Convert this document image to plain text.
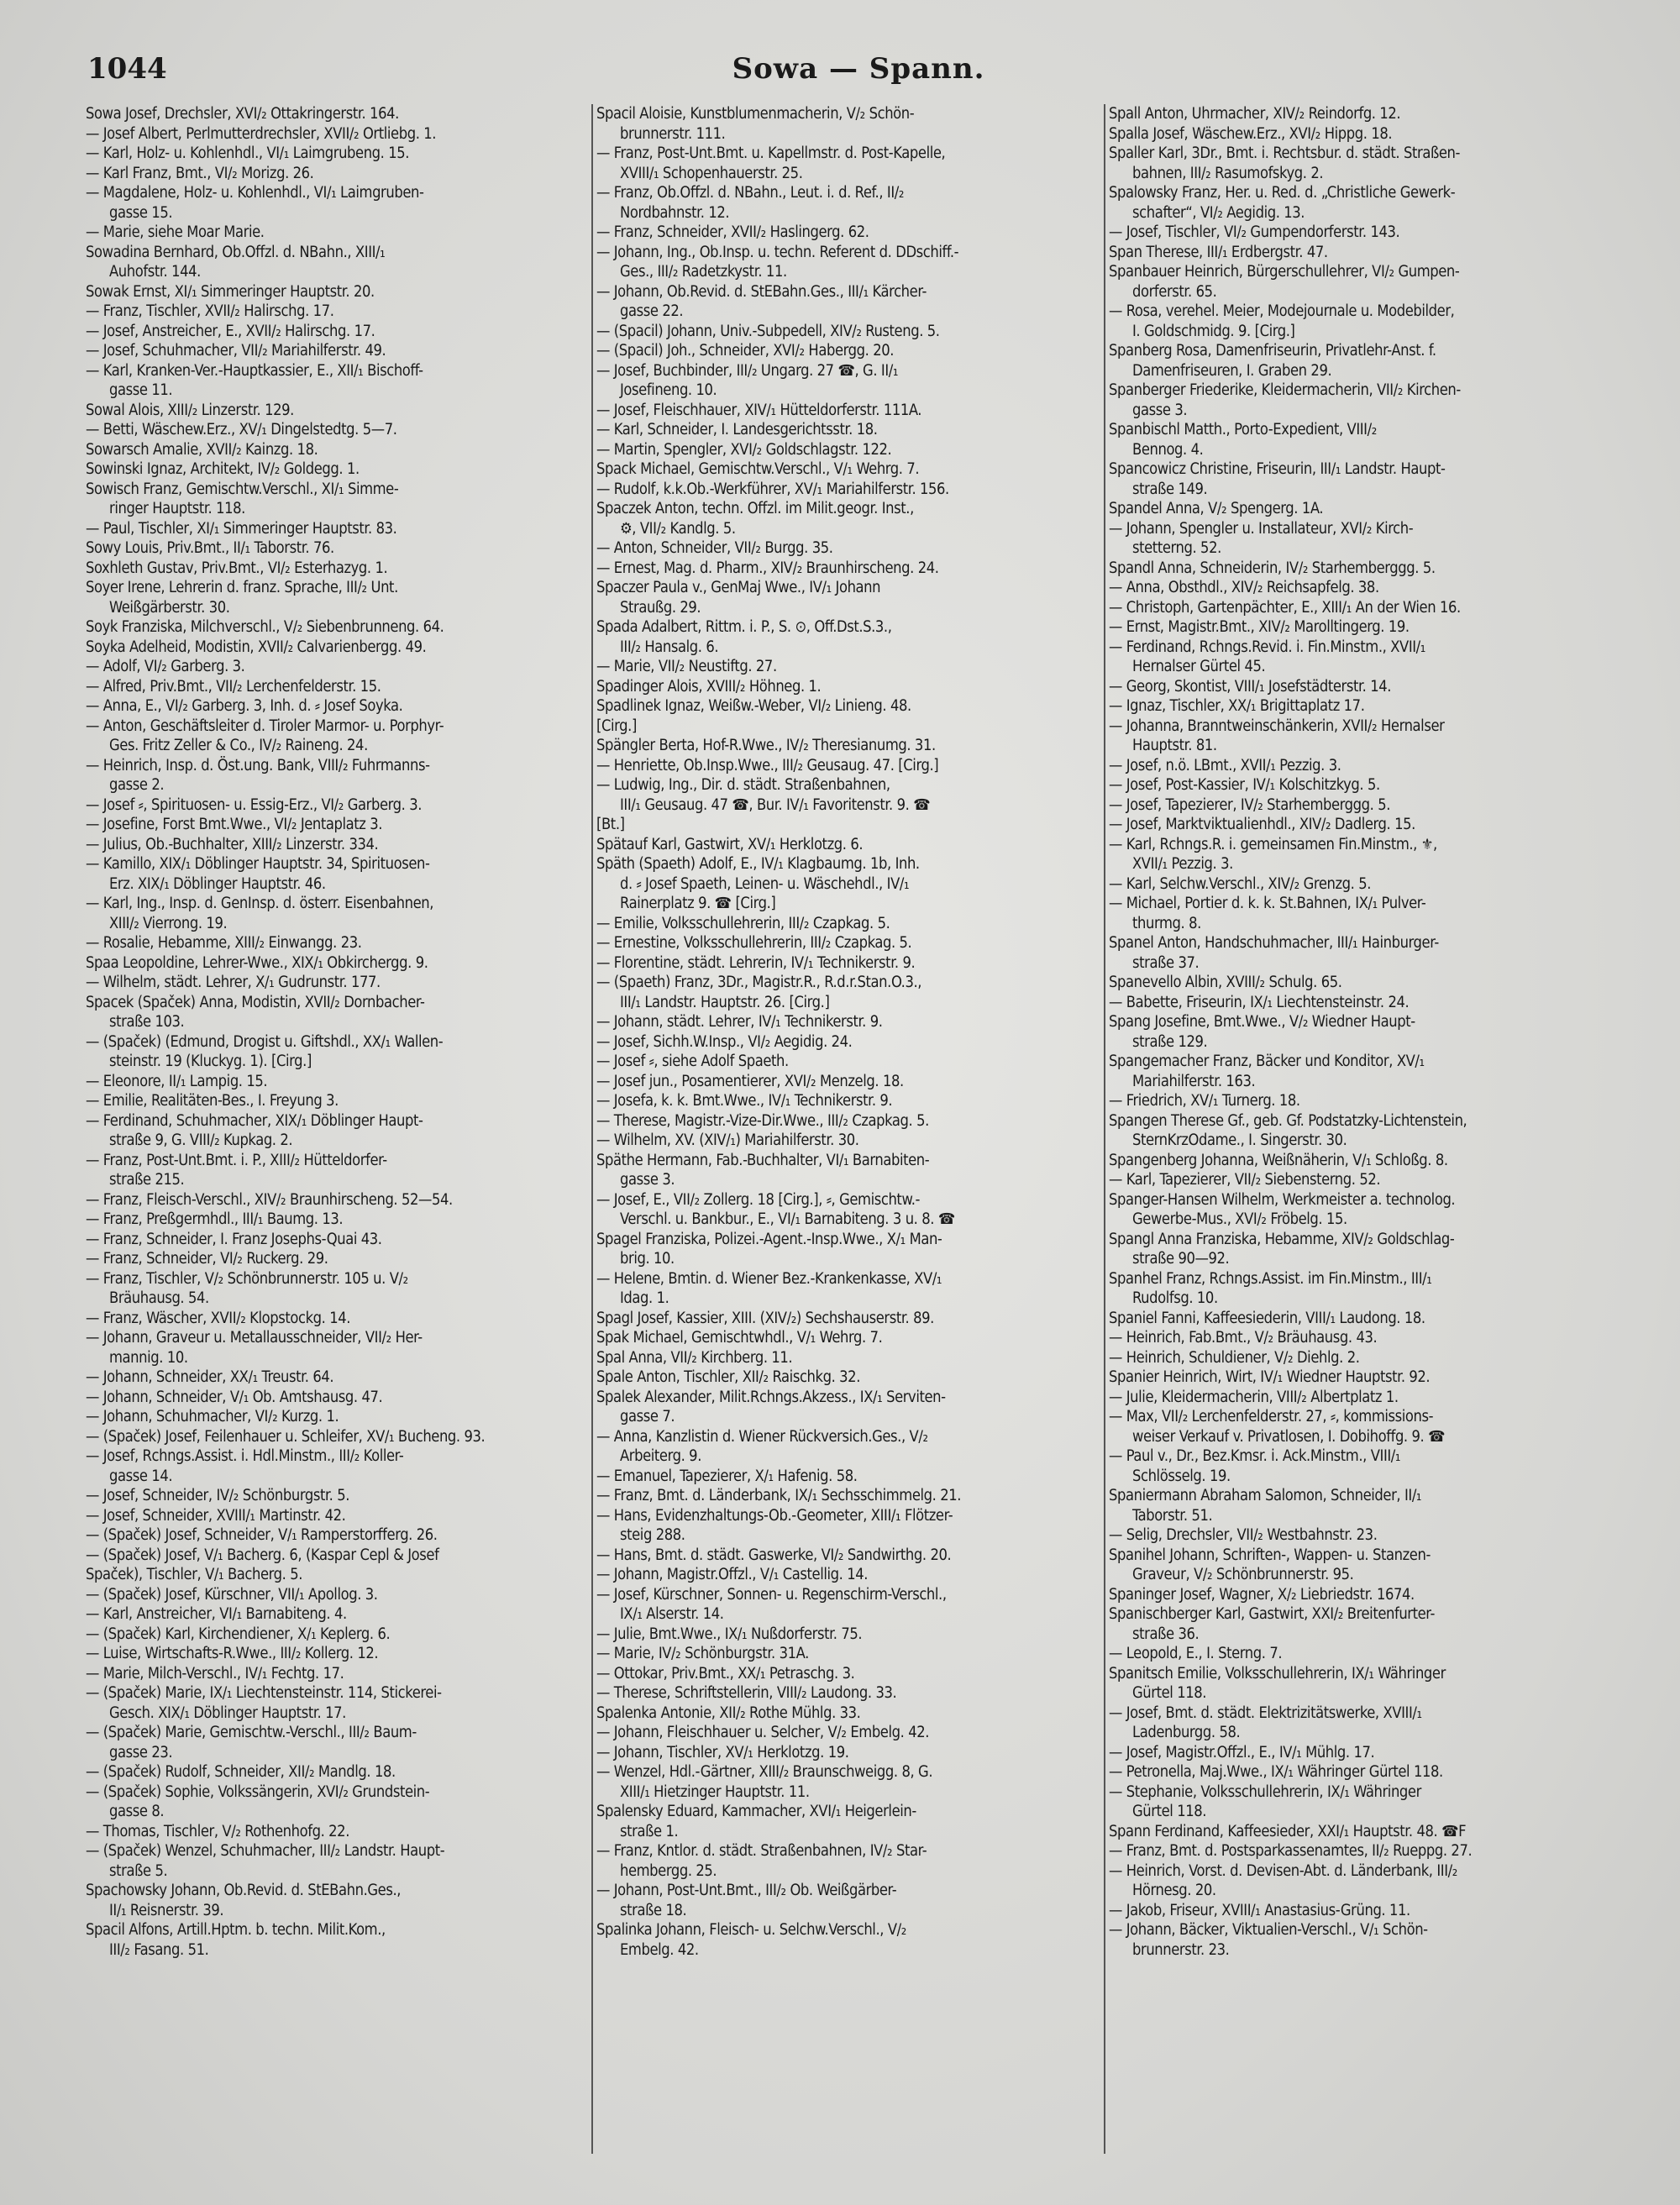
1044	Sowa — Spann.
Sowa Josef, Drechsler, XVI/₂ Ottakringerstr. 164.
— Josef Albert, Perlmutterdrechsler, XVII/₂ Ortliebg. 1.
— Karl, Holz- u. Kohlenhdl., VI/₁ Laimgrubeng. 15.
— Karl Franz, Bmt., VI/₂ Morizg. 26.
— Magdalene, Holz- u. Kohlenhdl., VI/₁ Laimgruben-
gasse 15.
— Marie, siehe Moar Marie.
Sowadina Bernhard, Ob.Offzl. d. NBahn., XIII/₁
Auhofstr. 144.
Sowak Ernst, XI/₁ Simmeringer Hauptstr. 20.
— Franz, Tischler, XVII/₂ Halirschg. 17.
— Josef, Anstreicher, E., XVII/₂ Halirschg. 17.
— Josef, Schuhmacher, VII/₂ Mariahilferstr. 49.
— Karl, Kranken-Ver.-Hauptkassier, E., XII/₁ Bischoff-
gasse 11.
Sowal Alois, XIII/₂ Linzerstr. 129.
— Betti, Wäschew.Erz., XV/₁ Dingelstedtg. 5—7.
Sowarsch Amalie, XVII/₂ Kainzg. 18.
Sowinski Ignaz, Architekt, IV/₂ Goldegg. 1.
Sowisch Franz, Gemischtw.Verschl., XI/₁ Simme-
ringer Hauptstr. 118.
— Paul, Tischler, XI/₁ Simmeringer Hauptstr. 83.
Sowy Louis, Priv.Bmt., II/₁ Taborstr. 76.
Soxhleth Gustav, Priv.Bmt., VI/₂ Esterhazyg. 1.
Soyer Irene, Lehrerin d. franz. Sprache, III/₂ Unt.
Weißgärberstr. 30.
Soyk Franziska, Milchverschl., V/₂ Siebenbrunneng. 64.
Soyka Adelheid, Modistin, XVII/₂ Calvarienbergg. 49.
— Adolf, VI/₂ Garberg. 3.
— Alfred, Priv.Bmt., VII/₂ Lerchenfelderstr. 15.
— Anna, E., VI/₂ Garberg. 3, Inh. d. ⸗ Josef Soyka.
— Anton, Geschäftsleiter d. Tiroler Marmor- u. Porphyr-
Ges. Fritz Zeller & Co., IV/₂ Raineng. 24.
— Heinrich, Insp. d. Öst.ung. Bank, VIII/₂ Fuhrmanns-
gasse 2.
— Josef ⸗, Spirituosen- u. Essig-Erz., VI/₂ Garberg. 3.
— Josefine, Forst Bmt.Wwe., VI/₂ Jentaplatz 3.
— Julius, Ob.-Buchhalter, XIII/₂ Linzerstr. 334.
— Kamillo, XIX/₁ Döblinger Hauptstr. 34, Spirituosen-
Erz. XIX/₁ Döblinger Hauptstr. 46.
— Karl, Ing., Insp. d. GenInsp. d. österr. Eisenbahnen,
XIII/₂ Vierrong. 19.
— Rosalie, Hebamme, XIII/₂ Einwangg. 23.
Spaa Leopoldine, Lehrer-Wwe., XIX/₁ Obkirchergg. 9.
— Wilhelm, städt. Lehrer, X/₁ Gudrunstr. 177.
Spacek (Spaček) Anna, Modistin, XVII/₂ Dornbacher-
straße 103.
— (Spaček) (Edmund, Drogist u. Giftshdl., XX/₁ Wallen-
steinstr. 19 (Kluckyg. 1). [Cirg.]
— Eleonore, II/₁ Lampig. 15.
— Emilie, Realitäten-Bes., I. Freyung 3.
— Ferdinand, Schuhmacher, XIX/₁ Döblinger Haupt-
straße 9, G. VIII/₂ Kupkag. 2.
— Franz, Post-Unt.Bmt. i. P., XIII/₂ Hütteldorfer-
straße 215.
— Franz, Fleisch-Verschl., XIV/₂ Braunhirscheng. 52—54.
— Franz, Preßgermhdl., III/₁ Baumg. 13.
— Franz, Schneider, I. Franz Josephs-Quai 43.
— Franz, Schneider, VI/₂ Ruckerg. 29.
— Franz, Tischler, V/₂ Schönbrunnerstr. 105 u. V/₂
Bräuhausg. 54.
— Franz, Wäscher, XVII/₂ Klopstockg. 14.
— Johann, Graveur u. Metallausschneider, VII/₂ Her-
mannig. 10.
— Johann, Schneider, XX/₁ Treustr. 64.
— Johann, Schneider, V/₁ Ob. Amtshausg. 47.
— Johann, Schuhmacher, VI/₂ Kurzg. 1.
— (Spaček) Josef, Feilenhauer u. Schleifer, XV/₁ Bucheng. 93.
— Josef, Rchngs.Assist. i. Hdl.Minstm., III/₂ Koller-
gasse 14.
— Josef, Schneider, IV/₂ Schönburgstr. 5.
— Josef, Schneider, XVIII/₁ Martinstr. 42.
— (Spaček) Josef, Schneider, V/₁ Ramperstorfferg. 26.
— (Spaček) Josef, V/₁ Bacherg. 6, (Kaspar Cepl & Josef
Spaček), Tischler, V/₁ Bacherg. 5.
— (Spaček) Josef, Kürschner, VII/₁ Apollog. 3.
— Karl, Anstreicher, VI/₁ Barnabiteng. 4.
— (Spaček) Karl, Kirchendiener, X/₁ Keplerg. 6.
— Luise, Wirtschafts-R.Wwe., III/₂ Kollerg. 12.
— Marie, Milch-Verschl., IV/₁ Fechtg. 17.
— (Spaček) Marie, IX/₁ Liechtensteinstr. 114, Stickerei-
Gesch. XIX/₁ Döblinger Hauptstr. 17.
— (Spaček) Marie, Gemischtw.-Verschl., III/₂ Baum-
gasse 23.
— (Spaček) Rudolf, Schneider, XII/₂ Mandlg. 18.
— (Spaček) Sophie, Volkssängerin, XVI/₂ Grundstein-
gasse 8.
— Thomas, Tischler, V/₂ Rothenhofg. 22.
— (Spaček) Wenzel, Schuhmacher, III/₂ Landstr. Haupt-
straße 5.
Spachowsky Johann, Ob.Revid. d. StEBahn.Ges.,
II/₁ Reisnerstr. 39.
Spacil Alfons, Artill.Hptm. b. techn. Milit.Kom.,
III/₂ Fasang. 51.
Spacil Aloisie, Kunstblumenmacherin, V/₂ Schön-
brunnerstr. 111.
— Franz, Post-Unt.Bmt. u. Kapellmstr. d. Post-Kapelle,
XVIII/₁ Schopenhauerstr. 25.
— Franz, Ob.Offzl. d. NBahn., Leut. i. d. Ref., II/₂
Nordbahnstr. 12.
— Franz, Schneider, XVII/₂ Haslingerg. 62.
— Johann, Ing., Ob.Insp. u. techn. Referent d. DDschiff.-
Ges., III/₂ Radetzkystr. 11.
— Johann, Ob.Revid. d. StEBahn.Ges., III/₁ Kärcher-
gasse 22.
— (Spacil) Johann, Univ.-Subpedell, XIV/₂ Rusteng. 5.
— (Spacil) Joh., Schneider, XVI/₂ Habergg. 20.
— Josef, Buchbinder, III/₂ Ungarg. 27 ☎, G. II/₁
Josefineng. 10.
— Josef, Fleischhauer, XIV/₁ Hütteldorferstr. 111A.
— Karl, Schneider, I. Landesgerichtsstr. 18.
— Martin, Spengler, XVI/₂ Goldschlagstr. 122.
Spack Michael, Gemischtw.Verschl., V/₁ Wehrg. 7.
— Rudolf, k.k.Ob.-Werkführer, XV/₁ Mariahilferstr. 156.
Spaczek Anton, techn. Offzl. im Milit.geogr. Inst.,
⚙, VII/₂ Kandlg. 5.
— Anton, Schneider, VII/₂ Burgg. 35.
— Ernest, Mag. d. Pharm., XIV/₂ Braunhirscheng. 24.
Spaczer Paula v., GenMaj Wwe., IV/₁ Johann
Straußg. 29.
Spada Adalbert, Rittm. i. P., S. ⊙, Off.Dst.S.3.,
III/₂ Hansalg. 6.
— Marie, VII/₂ Neustiftg. 27.
Spadinger Alois, XVIII/₂ Höhneg. 1.
Spadlinek Ignaz, Weißw.-Weber, VI/₂ Linieng. 48.
[Cirg.]
Spängler Berta, Hof-R.Wwe., IV/₂ Theresianumg. 31.
— Henriette, Ob.Insp.Wwe., III/₂ Geusaug. 47. [Cirg.]
— Ludwig, Ing., Dir. d. städt. Straßenbahnen,
III/₁ Geusaug. 47 ☎, Bur. IV/₁ Favoritenstr. 9. ☎
[Bt.]
Spätauf Karl, Gastwirt, XV/₁ Herklotzg. 6.
Späth (Spaeth) Adolf, E., IV/₁ Klagbaumg. 1b, Inh.
d. ⸗ Josef Spaeth, Leinen- u. Wäschehdl., IV/₁
Rainerplatz 9. ☎ [Cirg.]
— Emilie, Volksschullehrerin, III/₂ Czapkag. 5.
— Ernestine, Volksschullehrerin, III/₂ Czapkag. 5.
— Florentine, städt. Lehrerin, IV/₁ Technikerstr. 9.
— (Spaeth) Franz, 3Dr., Magistr.R., R.d.r.Stan.O.3.,
III/₁ Landstr. Hauptstr. 26. [Cirg.]
— Johann, städt. Lehrer, IV/₁ Technikerstr. 9.
— Josef, Sichh.W.Insp., VI/₂ Aegidig. 24.
— Josef ⸗, siehe Adolf Spaeth.
— Josef jun., Posamentierer, XVI/₂ Menzelg. 18.
— Josefa, k. k. Bmt.Wwe., IV/₁ Technikerstr. 9.
— Therese, Magistr.-Vize-Dir.Wwe., III/₂ Czapkag. 5.
— Wilhelm, XV. (XIV/₁) Mariahilferstr. 30.
Späthe Hermann, Fab.-Buchhalter, VI/₁ Barnabiten-
gasse 3.
— Josef, E., VII/₂ Zollerg. 18 [Cirg.], ⸗, Gemischtw.-
Verschl. u. Bankbur., E., VI/₁ Barnabiteng. 3 u. 8. ☎
Spagel Franziska, Polizei.-Agent.-Insp.Wwe., X/₁ Man-
brig. 10.
— Helene, Bmtin. d. Wiener Bez.-Krankenkasse, XV/₁
Idag. 1.
Spagl Josef, Kassier, XIII. (XIV/₂) Sechshauserstr. 89.
Spak Michael, Gemischtwhdl., V/₁ Wehrg. 7.
Spal Anna, VII/₂ Kirchberg. 11.
Spale Anton, Tischler, XII/₂ Raischkg. 32.
Spalek Alexander, Milit.Rchngs.Akzess., IX/₁ Serviten-
gasse 7.
— Anna, Kanzlistin d. Wiener Rückversich.Ges., V/₂
Arbeiterg. 9.
— Emanuel, Tapezierer, X/₁ Hafenig. 58.
— Franz, Bmt. d. Länderbank, IX/₁ Sechsschimmelg. 21.
— Hans, Evidenzhaltungs-Ob.-Geometer, XIII/₁ Flötzer-
steig 288.
— Hans, Bmt. d. städt. Gaswerke, VI/₂ Sandwirthg. 20.
— Johann, Magistr.Offzl., V/₁ Castellig. 14.
— Josef, Kürschner, Sonnen- u. Regenschirm-Verschl.,
IX/₁ Alserstr. 14.
— Julie, Bmt.Wwe., IX/₁ Nußdorferstr. 75.
— Marie, IV/₂ Schönburgstr. 31A.
— Ottokar, Priv.Bmt., XX/₁ Petraschg. 3.
— Therese, Schriftstellerin, VIII/₂ Laudong. 33.
Spalenka Antonie, XII/₂ Rothe Mühlg. 33.
— Johann, Fleischhauer u. Selcher, V/₂ Embelg. 42.
— Johann, Tischler, XV/₁ Herklotzg. 19.
— Wenzel, Hdl.-Gärtner, XIII/₂ Braunschweigg. 8, G.
XIII/₁ Hietzinger Hauptstr. 11.
Spalensky Eduard, Kammacher, XVI/₁ Heigerlein-
straße 1.
— Franz, Kntlor. d. städt. Straßenbahnen, IV/₂ Star-
hembergg. 25.
— Johann, Post-Unt.Bmt., III/₂ Ob. Weißgärber-
straße 18.
Spalinka Johann, Fleisch- u. Selchw.Verschl., V/₂
Embelg. 42.
Spall Anton, Uhrmacher, XIV/₂ Reindorfg. 12.
Spalla Josef, Wäschew.Erz., XVI/₂ Hippg. 18.
Spaller Karl, 3Dr., Bmt. i. Rechtsbur. d. städt. Straßen-
bahnen, III/₂ Rasumofskyg. 2.
Spalowsky Franz, Her. u. Red. d. „Christliche Gewerk-
schafter“, VI/₂ Aegidig. 13.
— Josef, Tischler, VI/₂ Gumpendorferstr. 143.
Span Therese, III/₁ Erdbergstr. 47.
Spanbauer Heinrich, Bürgerschullehrer, VI/₂ Gumpen-
dorferstr. 65.
— Rosa, verehel. Meier, Modejournale u. Modebilder,
I. Goldschmidg. 9. [Cirg.]
Spanberg Rosa, Damenfriseurin, Privatlehr-Anst. f.
Damenfriseuren, I. Graben 29.
Spanberger Friederike, Kleidermacherin, VII/₂ Kirchen-
gasse 3.
Spanbischl Matth., Porto-Expedient, VIII/₂
Bennog. 4.
Spancowicz Christine, Friseurin, III/₁ Landstr. Haupt-
straße 149.
Spandel Anna, V/₂ Spengerg. 1A.
— Johann, Spengler u. Installateur, XVI/₂ Kirch-
stetterng. 52.
Spandl Anna, Schneiderin, IV/₂ Starhemberggg. 5.
— Anna, Obsthdl., XIV/₂ Reichsapfelg. 38.
— Christoph, Gartenpächter, E., XIII/₁ An der Wien 16.
— Ernst, Magistr.Bmt., XIV/₂ Marolltingerg. 19.
— Ferdinand, Rchngs.Revid. i. Fin.Minstm., XVII/₁
Hernalser Gürtel 45.
— Georg, Skontist, VIII/₁ Josefstädterstr. 14.
— Ignaz, Tischler, XX/₁ Brigittaplatz 17.
— Johanna, Branntweinschänkerin, XVII/₂ Hernalser
Hauptstr. 81.
— Josef, n.ö. LBmt., XVII/₁ Pezzig. 3.
— Josef, Post-Kassier, IV/₁ Kolschitzkyg. 5.
— Josef, Tapezierer, IV/₂ Starhemberggg. 5.
— Josef, Marktviktualienhdl., XIV/₂ Dadlerg. 15.
— Karl, Rchngs.R. i. gemeinsamen Fin.Minstm., ⚜,
XVII/₁ Pezzig. 3.
— Karl, Selchw.Verschl., XIV/₂ Grenzg. 5.
— Michael, Portier d. k. k. St.Bahnen, IX/₁ Pulver-
thurmg. 8.
Spanel Anton, Handschuhmacher, III/₁ Hainburger-
straße 37.
Spanevello Albin, XVIII/₂ Schulg. 65.
— Babette, Friseurin, IX/₁ Liechtensteinstr. 24.
Spang Josefine, Bmt.Wwe., V/₂ Wiedner Haupt-
straße 129.
Spangemacher Franz, Bäcker und Konditor, XV/₁
Mariahilferstr. 163.
— Friedrich, XV/₁ Turnerg. 18.
Spangen Therese Gf., geb. Gf. Podstatzky-Lichtenstein,
SternKrzOdame., I. Singerstr. 30.
Spangenberg Johanna, Weißnäherin, V/₁ Schloßg. 8.
— Karl, Tapezierer, VII/₂ Siebensterng. 52.
Spanger-Hansen Wilhelm, Werkmeister a. technolog.
Gewerbe-Mus., XVI/₂ Fröbelg. 15.
Spangl Anna Franziska, Hebamme, XIV/₂ Goldschlag-
straße 90—92.
Spanhel Franz, Rchngs.Assist. im Fin.Minstm., III/₁
Rudolfsg. 10.
Spaniel Fanni, Kaffeesiederin, VIII/₁ Laudong. 18.
— Heinrich, Fab.Bmt., V/₂ Bräuhausg. 43.
— Heinrich, Schuldiener, V/₂ Diehlg. 2.
Spanier Heinrich, Wirt, IV/₁ Wiedner Hauptstr. 92.
— Julie, Kleidermacherin, VIII/₂ Albertplatz 1.
— Max, VII/₂ Lerchenfelderstr. 27, ⸗, kommissions-
weiser Verkauf v. Privatlosen, I. Dobihoffg. 9. ☎
— Paul v., Dr., Bez.Kmsr. i. Ack.Minstm., VIII/₁
Schlösselg. 19.
Spaniermann Abraham Salomon, Schneider, II/₁
Taborstr. 51.
— Selig, Drechsler, VII/₂ Westbahnstr. 23.
Spanihel Johann, Schriften-, Wappen- u. Stanzen-
Graveur, V/₂ Schönbrunnerstr. 95.
Spaninger Josef, Wagner, X/₂ Liebriedstr. 1674.
Spanischberger Karl, Gastwirt, XXI/₂ Breitenfurter-
straße 36.
— Leopold, E., I. Sterng. 7.
Spanitsch Emilie, Volksschullehrerin, IX/₁ Währinger
Gürtel 118.
— Josef, Bmt. d. städt. Elektrizitätswerke, XVIII/₁
Ladenburgg. 58.
— Josef, Magistr.Offzl., E., IV/₁ Mühlg. 17.
— Petronella, Maj.Wwe., IX/₁ Währinger Gürtel 118.
— Stephanie, Volksschullehrerin, IX/₁ Währinger
Gürtel 118.
Spann Ferdinand, Kaffeesieder, XXI/₁ Hauptstr. 48. ☎F
— Franz, Bmt. d. Postsparkassenamtes, II/₂ Rueppg. 27.
— Heinrich, Vorst. d. Devisen-Abt. d. Länderbank, III/₂
Hörnesg. 20.
— Jakob, Friseur, XVIII/₁ Anastasius-Grüng. 11.
— Johann, Bäcker, Viktualien-Verschl., V/₁ Schön-
brunnerstr. 23.
